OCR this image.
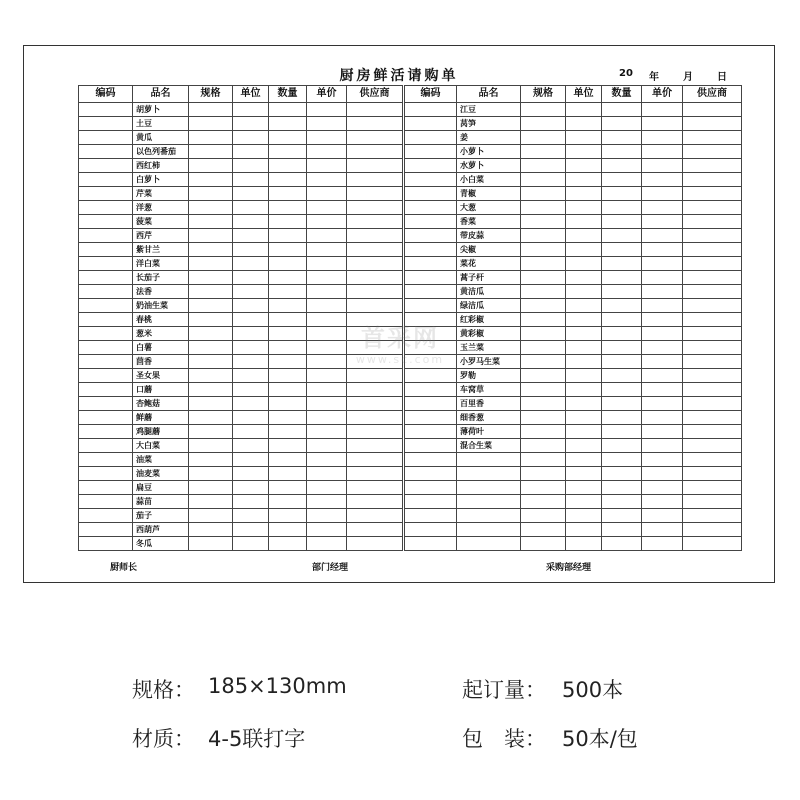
厨房鲜活请购单	20 年 月 日
编码	品名	规格	单位	数量	单价	供应商	编码	品名	规格	单位	数量	单价	供应商
	胡萝卜							江豆					
	土豆							莴笋					
	黄瓜							姜					
	以色列番茄							小萝卜					
	西红柿							水萝卜					
	白萝卜							小白菜					
	芹菜							青椒					
	洋葱							大葱					
	菠菜							香菜					
	西芹							带皮蒜					
	紫甘兰							尖椒					
	洋白菜							菜花					
	长茄子							蒿子杆					
	法香							黄洁瓜					
	奶油生菜							绿洁瓜					
	春桃							红彩椒					
	葱米							黄彩椒					
	白薯							玉兰菜					
	茴香							小罗马生菜					
	圣女果							罗勒					
	口蘑							车窝草					
	杏鲍菇							百里香					
	鲜蘑							细香葱					
	鸡腿蘑							薄荷叶					
	大白菜							混合生菜					
	油菜												
	油麦菜												
	扁豆												
	蒜苗												
	茄子												
	西葫芦												
	冬瓜												
厨师长	部门经理	采购部经理
规格： 185×130mm	起订量： 500本
材质： 4-5联打字	包　装： 50本/包
